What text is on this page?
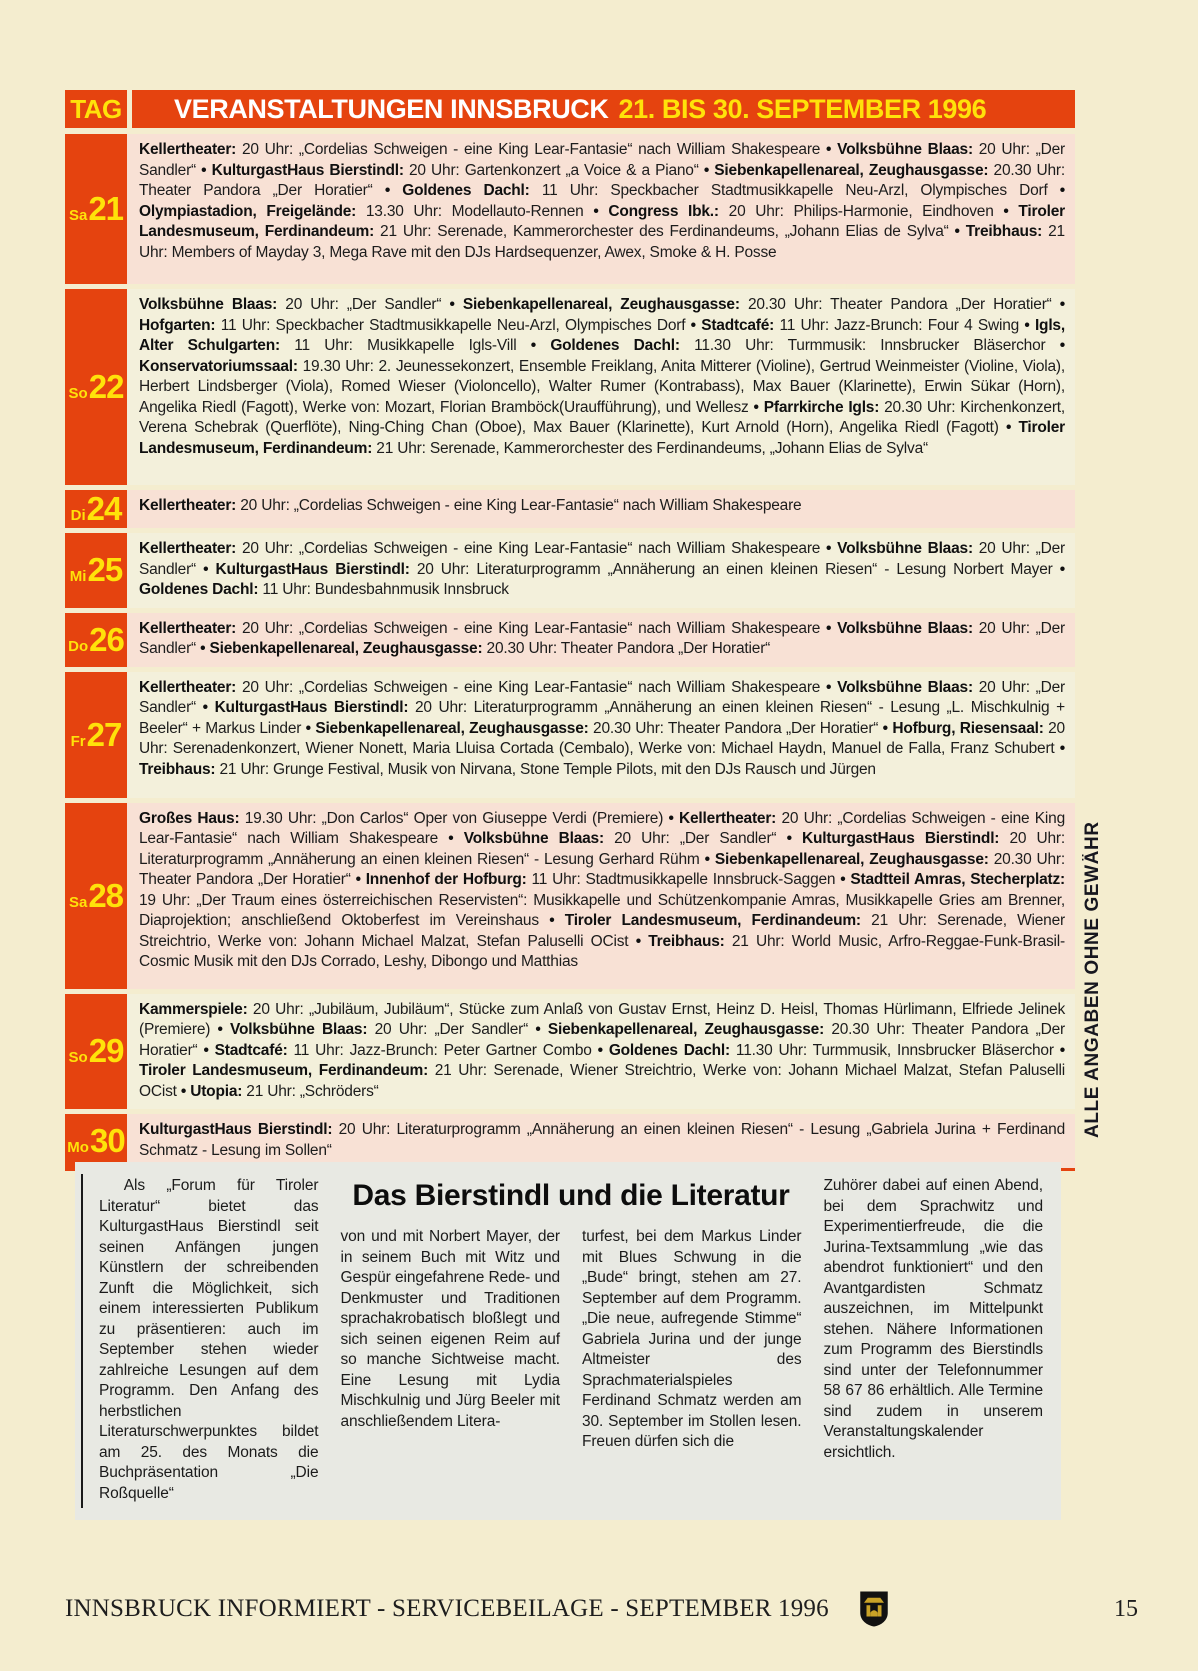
TAG VERANSTALTUNGEN INNSBRUCK 21. BIS 30. SEPTEMBER 1996
Sa 21
Kellertheater: 20 Uhr: „Cordelias Schweigen - eine King Lear-Fantasie“ nach William Shakespeare • Volksbühne Blaas: 20 Uhr: „Der Sandler“ • KulturgastHaus Bierstindl: 20 Uhr: Gartenkonzert „a Voice & a Piano“ • Siebenkapellenareal, Zeughausgasse: 20.30 Uhr: Theater Pandora „Der Horatier“ • Goldenes Dachl: 11 Uhr: Speckbacher Stadtmusikkapelle Neu-Arzl, Olympisches Dorf • Olympiastadion, Freigelände: 13.30 Uhr: Modellauto-Rennen • Congress Ibk.: 20 Uhr: Philips-Harmonie, Eindhoven • Tiroler Landesmuseum, Ferdinandeum: 21 Uhr: Serenade, Kammerorchester des Ferdinandeums, „Johann Elias de Sylva“ • Treibhaus: 21 Uhr: Members of Mayday 3, Mega Rave mit den DJs Hardsequenzer, Awex, Smoke & H. Posse
So 22
Volksbühne Blaas: 20 Uhr: „Der Sandler“ • Siebenkapellenareal, Zeughausgasse: 20.30 Uhr: Theater Pandora „Der Horatier“ • Hofgarten: 11 Uhr: Speckbacher Stadtmusikkapelle Neu-Arzl, Olympisches Dorf • Stadtcafé: 11 Uhr: Jazz-Brunch: Four 4 Swing • Igls, Alter Schulgarten: 11 Uhr: Musikkapelle Igls-Vill • Goldenes Dachl: 11.30 Uhr: Turmmusik: Innsbrucker Bläserchor • Konservatoriumssaal: 19.30 Uhr: 2. Jeunessekonzert, Ensemble Freiklang, Anita Mitterer (Violine), Gertrud Weinmeister (Violine, Viola), Herbert Lindsberger (Viola), Romed Wieser (Violoncello), Walter Rumer (Kontrabass), Max Bauer (Klarinette), Erwin Sükar (Horn), Angelika Riedl (Fagott), Werke von: Mozart, Florian Bramböck(Uraufführung), und Wellesz • Pfarrkirche Igls: 20.30 Uhr: Kirchenkonzert, Verena Schebrak (Querflöte), Ning-Ching Chan (Oboe), Max Bauer (Klarinette), Kurt Arnold (Horn), Angelika Riedl (Fagott) • Tiroler Landesmuseum, Ferdinandeum: 21 Uhr: Serenade, Kammerorchester des Ferdinandeums, „Johann Elias de Sylva“
Di 24	Kellertheater: 20 Uhr: „Cordelias Schweigen - eine King Lear-Fantasie“ nach William Shakespeare
Mi 25
Kellertheater: 20 Uhr: „Cordelias Schweigen - eine King Lear-Fantasie“ nach William Shakespeare • Volksbühne Blaas: 20 Uhr: „Der Sandler“ • KulturgastHaus Bierstindl: 20 Uhr: Literaturprogramm „Annäherung an einen kleinen Riesen“ - Lesung Norbert Mayer • Goldenes Dachl: 11 Uhr: Bundesbahnmusik Innsbruck
Do 26 Kellertheater: 20 Uhr: „Cordelias Schweigen - eine King Lear-Fantasie“ nach William Shakespeare • Volksbühne Blaas: 20 Uhr: „Der Sandler“ • Siebenkapellenareal, Zeughausgasse: 20.30 Uhr: Theater Pandora „Der Horatier“
Fr 27
Kellertheater: 20 Uhr: „Cordelias Schweigen - eine King Lear-Fantasie“ nach William Shakespeare • Volksbühne Blaas: 20 Uhr: „Der Sandler“ • KulturgastHaus Bierstindl: 20 Uhr: Literaturprogramm „Annäherung an einen kleinen Riesen“ - Lesung „L. Mischkulnig + Beeler“ + Markus Linder • Siebenkapellenareal, Zeughausgasse: 20.30 Uhr: Theater Pandora „Der Horatier“ • Hofburg, Riesensaal: 20 Uhr: Serenadenkonzert, Wiener Nonett, Maria Lluisa Cortada (Cembalo), Werke von: Michael Haydn, Manuel de Falla, Franz Schubert • Treibhaus: 21 Uhr: Grunge Festival, Musik von Nirvana, Stone Temple Pilots, mit den DJs Rausch und Jürgen
Sa 28
Großes Haus: 19.30 Uhr: „Don Carlos“ Oper von Giuseppe Verdi (Premiere) • Kellertheater: 20 Uhr: „Cordelias Schweigen - eine King Lear-Fantasie“ nach William Shakespeare • Volksbühne Blaas: 20 Uhr: „Der Sandler“ • KulturgastHaus Bierstindl: 20 Uhr: Literaturprogramm „Annäherung an einen kleinen Riesen“ - Lesung Gerhard Rühm • Siebenkapellenareal, Zeughausgasse: 20.30 Uhr: Theater Pandora „Der Horatier“ • Innenhof der Hofburg: 11 Uhr: Stadtmusikkapelle Innsbruck-Saggen • Stadtteil Amras, Stecherplatz: 19 Uhr: „Der Traum eines österreichischen Reservisten“: Musikkapelle und Schützenkompanie Amras, Musikkapelle Gries am Brenner, Diaprojektion; anschließend Oktoberfest im Vereinshaus • Tiroler Landesmuseum, Ferdinandeum: 21 Uhr: Serenade, Wiener Streichtrio, Werke von: Johann Michael Malzat, Stefan Paluselli OCist • Treibhaus: 21 Uhr: World Music, Arfro-Reggae-Funk-Brasil-Cosmic Musik mit den DJs Corrado, Leshy, Dibongo und Matthias
So 29
Kammerspiele: 20 Uhr: „Jubiläum, Jubiläum“, Stücke zum Anlaß von Gustav Ernst, Heinz D. Heisl, Thomas Hürlimann, Elfriede Jelinek (Premiere) • Volksbühne Blaas: 20 Uhr: „Der Sandler“ • Siebenkapellenareal, Zeughausgasse: 20.30 Uhr: Theater Pandora „Der Horatier“ • Stadtcafé: 11 Uhr: Jazz-Brunch: Peter Gartner Combo • Goldenes Dachl: 11.30 Uhr: Turmmusik, Innsbrucker Bläserchor • Tiroler Landesmuseum, Ferdinandeum: 21 Uhr: Serenade, Wiener Streichtrio, Werke von: Johann Michael Malzat, Stefan Paluselli OCist • Utopia: 21 Uhr: „Schröders“
Mo 30 KulturgastHaus Bierstindl: 20 Uhr: Literaturprogramm „Annäherung an einen kleinen Riesen“ - Lesung „Gabriela Jurina + Ferdinand Schmatz - Lesung im Sollen“
ALLE ANGABEN OHNE GEWÄHR
Das Bierstindl und die Literatur
Als „Forum für Tiroler Literatur“ bietet das KulturgastHaus Bierstindl seit seinen Anfängen jungen Künstlern der schreibenden Zunft die Möglichkeit, sich einem interessierten Publikum zu präsentieren: auch im September stehen wieder zahlreiche Lesungen auf dem Programm. Den Anfang des herbstlichen Literaturschwerpunktes bildet am 25. des Monats die Buchpräsentation „Die Roßquelle“
von und mit Norbert Mayer, der in seinem Buch mit Witz und Gespür eingefahrene Rede- und Denkmuster und Traditionen sprachakrobatisch bloßlegt und sich seinen eigenen Reim auf so manche Sichtweise macht. Eine Lesung mit Lydia Mischkulnig und Jürg Beeler mit anschließendem Litera-
turfest, bei dem Markus Linder mit Blues Schwung in die „Bude“ bringt, stehen am 27. September auf dem Programm. „Die neue, aufregende Stimme“ Gabriela Jurina und der junge Altmeister des Sprachmaterialspieles Ferdinand Schmatz werden am 30. September im Stollen lesen. Freuen dürfen sich die
Zuhörer dabei auf einen Abend, bei dem Sprachwitz und Experimentierfreude, die die Jurina-Textsammlung „wie das abendrot funktioniert“ und den Avantgardisten Schmatz auszeichnen, im Mittelpunkt stehen. Nähere Informationen zum Programm des Bierstindls sind unter der Telefonnummer 58 67 86 erhältlich. Alle Termine sind zudem in unserem Veranstaltungskalender ersichtlich.
INNSBRUCK INFORMIERT - SERVICEBEILAGE - SEPTEMBER 1996	15
